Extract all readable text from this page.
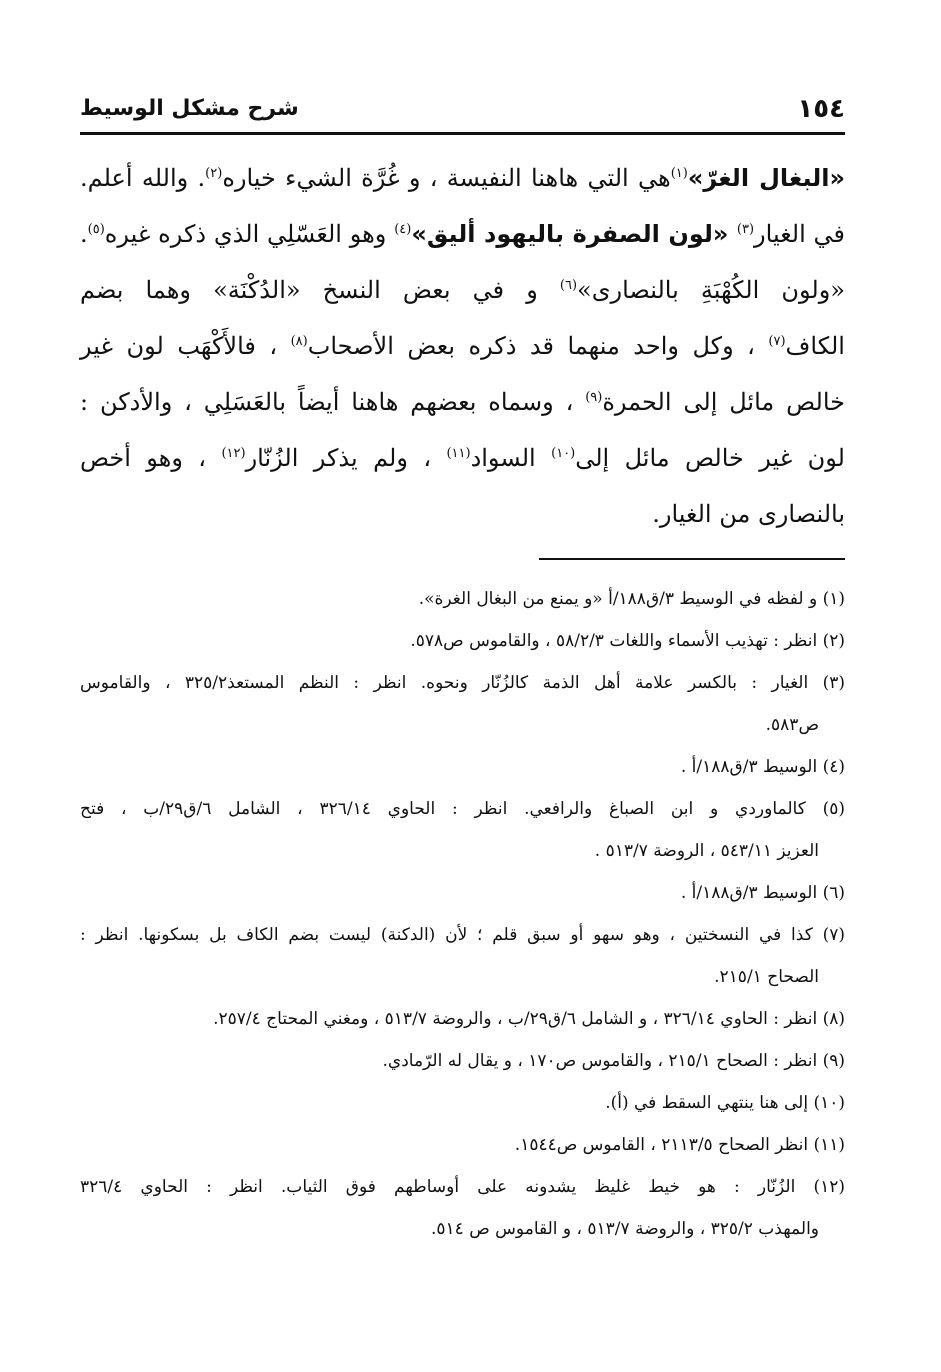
١٥٤
شرح مشكل الوسيط
«البغال الغرّ»$^{(١)}$هي التي هاهنا النفيسة ، و غُرَّة الشيء خياره$^{(٢)}$. والله أعلم.
في الغيار$^{(٣)}$ «لون الصفرة باليهود أليق»$^{(٤)}$ وهو العَسّلِي الذي ذكره غيره$^{(٥)}$.
«ولون الكُهْبَةِ بالنصارى»$^{(٦)}$ و في بعض النسخ «الدُكْنَة» وهما بضم
الكاف$^{(٧)}$ ، وكل واحد منهما قد ذكره بعض الأصحاب$^{(٨)}$ ، فالأَكْهَب لون غير
خالص مائل إلى الحمرة$^{(٩)}$ ، وسماه بعضهم هاهنا أيضاً بالعَسَلِي ، والأدكن :
لون غير خالص مائل إلى$^{(١٠)}$ السواد$^{(١١)}$ ، ولم يذكر الزُنّار$^{(١٢)}$ ، وهو أخص
بالنصارى من الغيار.
(١) و لفظه في الوسيط ٣/ق١٨٨/أ «و يمنع من البغال الغرة».
(٢) انظر : تهذيب الأسماء واللغات ٥٨/٢/٣ ، والقاموس ص٥٧٨.
(٣) الغيار : بالكسر علامة أهل الذمة كالزُنّار ونحوه. انظر : النظم المستعذ٣٢٥/٢ ، والقاموس
ص٥٨٣.
(٤) الوسيط ٣/ق١٨٨/أ .
(٥) كالماوردي و ابن الصباغ والرافعي. انظر : الحاوي ٣٢٦/١٤ ، الشامل ٦/ق٢٩/ب ، فتح
العزيز ٥٤٣/١١ ، الروضة ٥١٣/٧ .
(٦) الوسيط ٣/ق١٨٨/أ .
(٧) كذا في النسختين ، وهو سهو أو سبق قلم ؛ لأن (الدكنة) ليست بضم الكاف بل بسكونها. انظر :
الصحاح ٢١٥/١.
(٨) انظر : الحاوي ٣٢٦/١٤ ، و الشامل ٦/ق٢٩/ب ، والروضة ٥١٣/٧ ، ومغني المحتاج ٢٥٧/٤.
(٩) انظر : الصحاح ٢١٥/١ ، والقاموس ص١٧٠ ، و يقال له الرّمادي.
(١٠) إلى هنا ينتهي السقط في (أ).
(١١) انظر الصحاح ٢١١٣/٥ ، القاموس ص١٥٤٤.
(١٢) الزُنّار : هو خيط غليظ يشدونه على أوساطهم فوق الثياب. انظر : الحاوي ٣٢٦/٤
والمهذب ٣٢٥/٢ ، والروضة ٥١٣/٧ ، و القاموس ص ٥١٤.
